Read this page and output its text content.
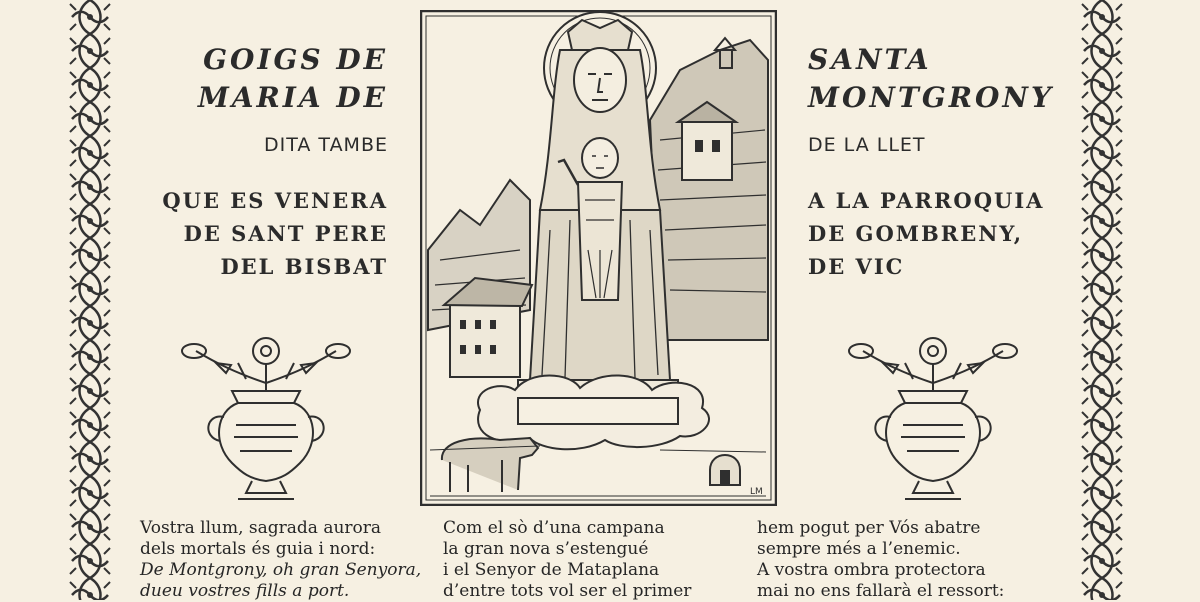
GOIGS DE
MARIA DE
SANTA
MONTGRONY
DITA TAMBE	DE LA LLET
QUE ES VENERA
DE SANT PERE
DEL BISBAT
A LA PARROQUIA
DE GOMBRENY,
DE VIC
LM
Vostra llum, sagrada aurora
dels mortals és guia i nord:
De Montgrony, oh gran Senyora,
dueu vostres fills a port.
Com el sò d’una campana
la gran nova s’estengué
i el Senyor de Mataplana
d’entre tots vol ser el primer
hem pogut per Vós abatre
sempre més a l’enemic.
A vostra ombra protectora
mai no ens fallarà el ressort:
